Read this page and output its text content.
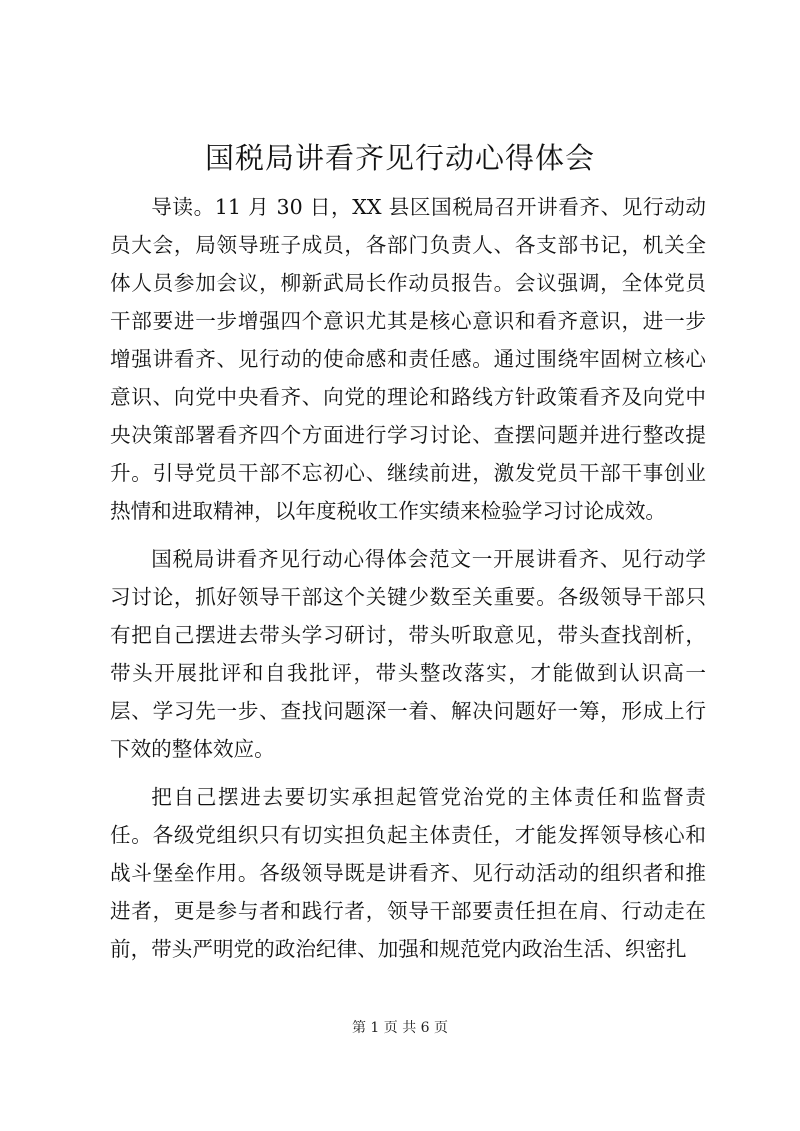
国税局讲看齐见行动心得体会

导读。11 月 30 日，XX 县区国税局召开讲看齐、见行动动员大会，局领导班子成员，各部门负责人、各支部书记，机关全体人员参加会议，柳新武局长作动员报告。会议强调，全体党员干部要进一步增强四个意识尤其是核心意识和看齐意识，进一步增强讲看齐、见行动的使命感和责任感。通过围绕牢固树立核心意识、向党中央看齐、向党的理论和路线方针政策看齐及向党中央决策部署看齐四个方面进行学习讨论、查摆问题并进行整改提升。引导党员干部不忘初心、继续前进，激发党员干部干事创业热情和进取精神，以年度税收工作实绩来检验学习讨论成效。

国税局讲看齐见行动心得体会范文一开展讲看齐、见行动学习讨论，抓好领导干部这个关键少数至关重要。各级领导干部只有把自己摆进去带头学习研讨，带头听取意见，带头查找剖析，带头开展批评和自我批评，带头整改落实，才能做到认识高一层、学习先一步、查找问题深一着、解决问题好一筹，形成上行下效的整体效应。

把自己摆进去要切实承担起管党治党的主体责任和监督责任。各级党组织只有切实担负起主体责任，才能发挥领导核心和战斗堡垒作用。各级领导既是讲看齐、见行动活动的组织者和推进者，更是参与者和践行者，领导干部要责任担在肩、行动走在前，带头严明党的政治纪律、加强和规范党内政治生活、织密扎

第 1 页 共 6 页
